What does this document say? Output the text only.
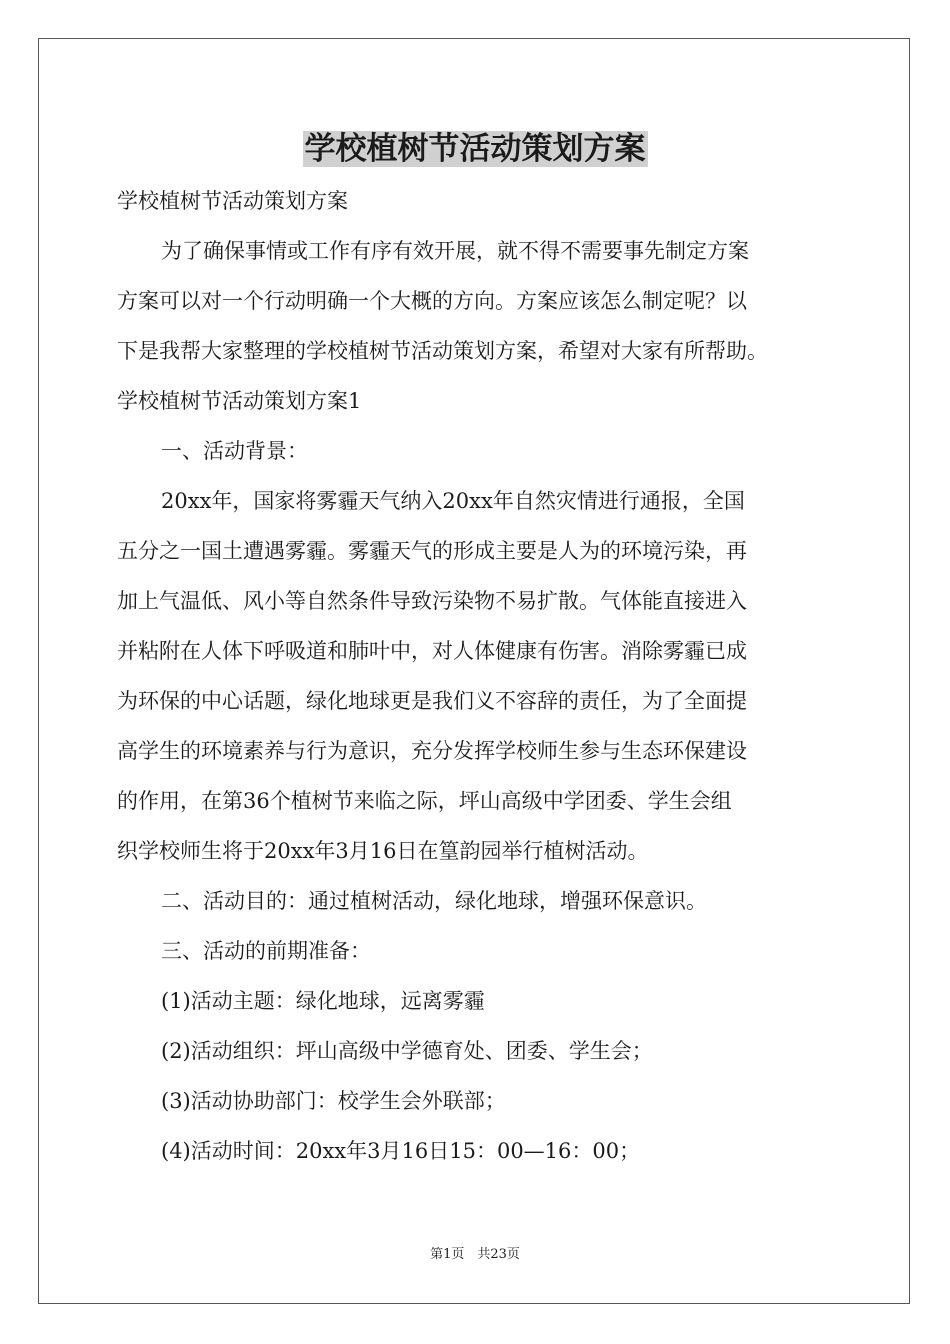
学校植树节活动策划方案
学校植树节活动策划方案
为了确保事情或工作有序有效开展，就不得不需要事先制定方案
方案可以对一个行动明确一个大概的方向。方案应该怎么制定呢？以
下是我帮大家整理的学校植树节活动策划方案，希望对大家有所帮助。
学校植树节活动策划方案1
一、活动背景：
20xx年，国家将雾霾天气纳入20xx年自然灾情进行通报，全国
五分之一国土遭遇雾霾。雾霾天气的形成主要是人为的环境污染，再
加上气温低、风小等自然条件导致污染物不易扩散。气体能直接进入
并粘附在人体下呼吸道和肺叶中，对人体健康有伤害。消除雾霾已成
为环保的中心话题，绿化地球更是我们义不容辞的责任，为了全面提
高学生的环境素养与行为意识，充分发挥学校师生参与生态环保建设
的作用，在第36个植树节来临之际，坪山高级中学团委、学生会组
织学校师生将于20xx年3月16日在篁韵园举行植树活动。
二、活动目的：通过植树活动，绿化地球，增强环保意识。
三、活动的前期准备：
(1)活动主题：绿化地球，远离雾霾
(2)活动组织：坪山高级中学德育处、团委、学生会；
(3)活动协助部门：校学生会外联部；
(4)活动时间：20xx年3月16日15：00—16：00；
第1页　共23页
